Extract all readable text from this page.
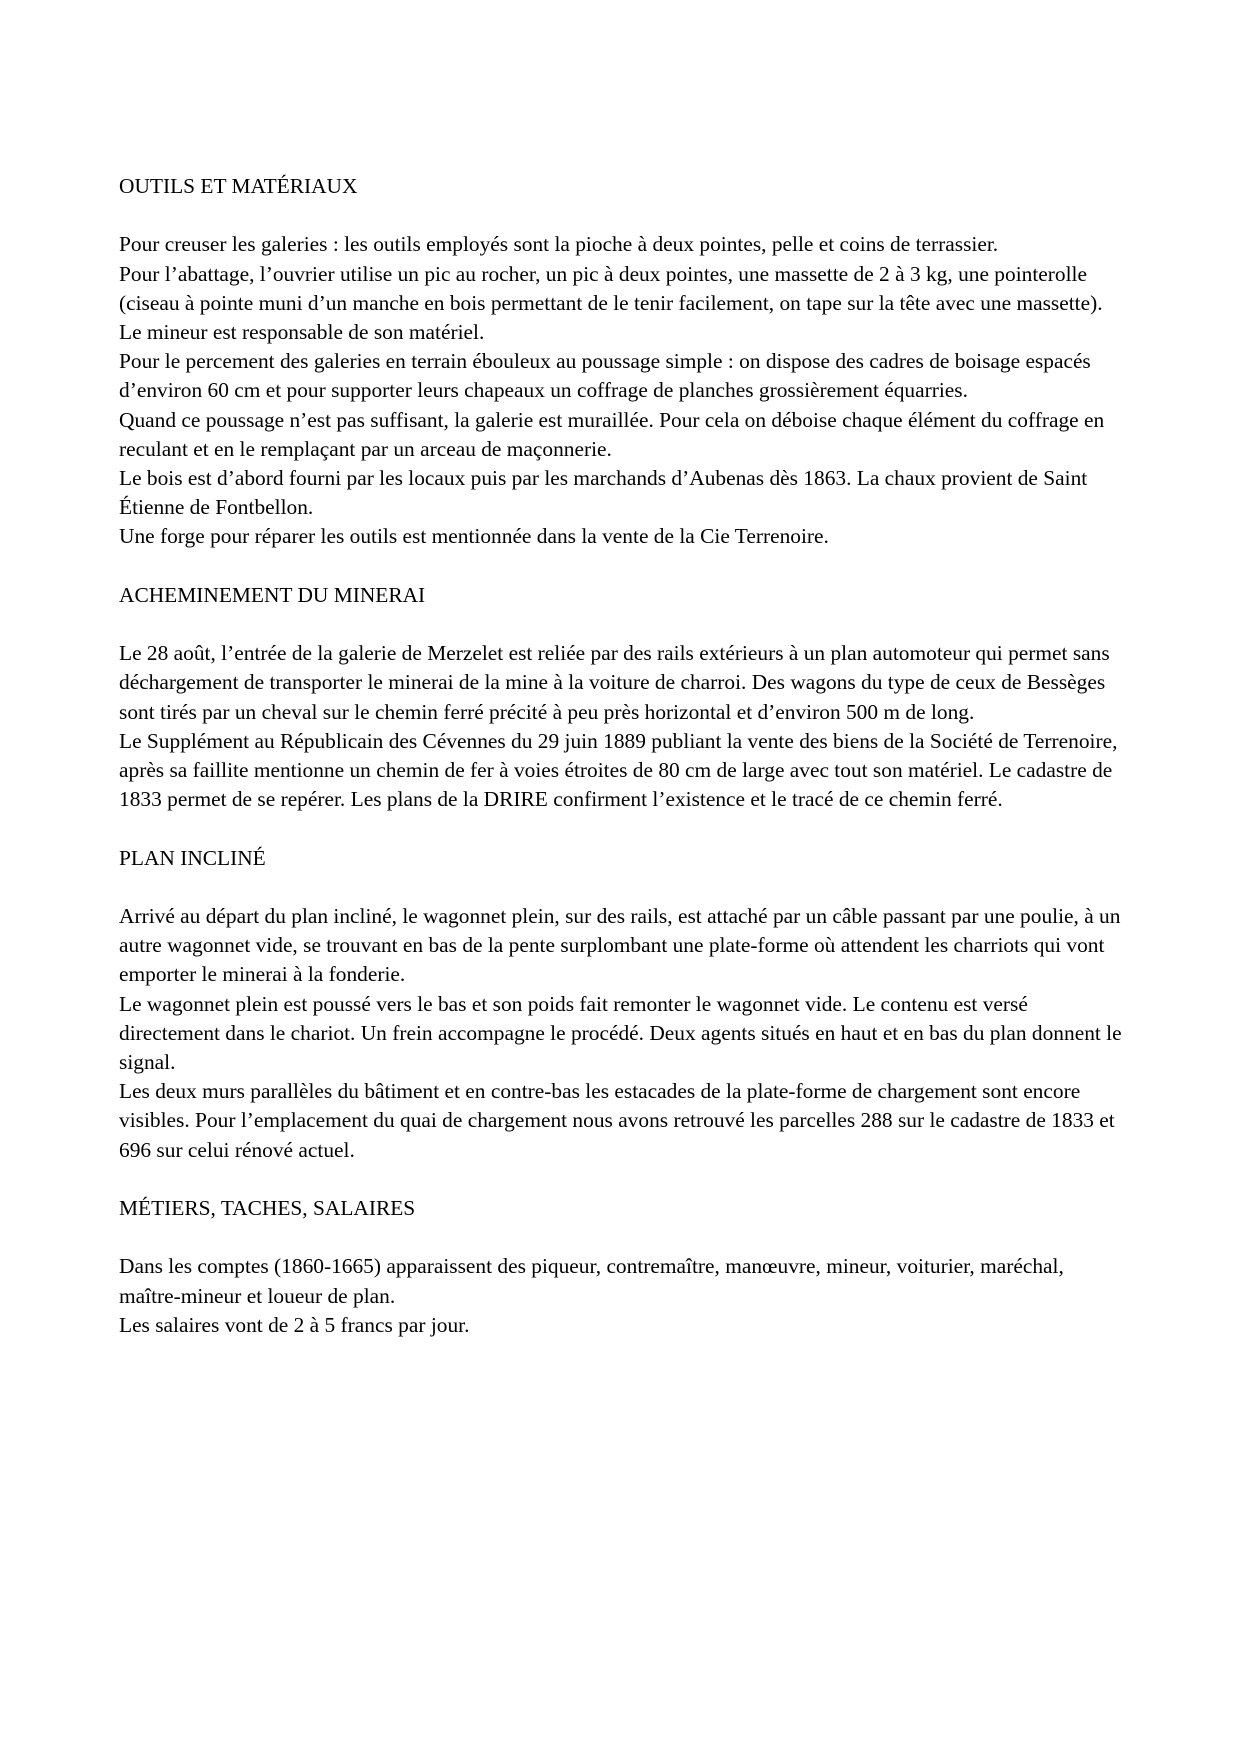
OUTILS ET MATÉRIAUX

Pour creuser les galeries : les outils employés sont la pioche à deux pointes, pelle et coins de terrassier.

Pour l’abattage, l’ouvrier utilise un pic au rocher, un pic à deux pointes, une massette de 2 à 3 kg, une pointerolle (ciseau à pointe muni d’un manche en bois permettant de le tenir facilement, on tape sur la tête avec une massette).

Le mineur est responsable de son matériel.

Pour le percement des galeries en terrain ébouleux au poussage simple : on dispose des cadres de boisage espacés d’environ 60 cm et pour supporter leurs chapeaux un coffrage de planches grossièrement équarries.

Quand ce poussage n’est pas suffisant, la galerie est muraillée. Pour cela on déboise chaque élément du coffrage en reculant et en le remplaçant par un arceau de maçonnerie.

Le bois est d’abord fourni par les locaux puis par les marchands d’Aubenas dès 1863. La chaux provient de Saint Étienne de Fontbellon.

Une forge pour réparer les outils est mentionnée dans la vente de la Cie Terrenoire.

ACHEMINEMENT DU MINERAI

Le 28 août, l’entrée de la galerie de Merzelet est reliée par des rails extérieurs à un plan automoteur qui permet sans déchargement de transporter le minerai de la mine à la voiture de charroi. Des wagons du type de ceux de Bessèges sont tirés par un cheval sur le chemin ferré précité à peu près horizontal et d’environ 500 m de long.

Le Supplément au Républicain des Cévennes du 29 juin 1889 publiant la vente des biens de la Société de Terrenoire, après sa faillite mentionne un chemin de fer à voies étroites de 80 cm de large avec tout son matériel. Le cadastre de 1833 permet de se repérer. Les plans de la DRIRE confirment l’existence et le tracé de ce chemin ferré.

PLAN INCLINÉ

Arrivé au départ du plan incliné, le wagonnet plein, sur des rails, est attaché par un câble passant par une poulie, à un autre wagonnet vide, se trouvant en bas de la pente surplombant une plate-forme où attendent les charriots qui vont emporter le minerai à la fonderie.

Le wagonnet plein est poussé vers le bas et son poids fait remonter le wagonnet vide. Le contenu est versé directement dans le chariot. Un frein accompagne le procédé. Deux agents situés en haut et en bas du plan donnent le signal.

Les deux murs parallèles du bâtiment et en contre-bas les estacades de la plate-forme de chargement sont encore visibles. Pour l’emplacement du quai de chargement nous avons retrouvé les parcelles 288 sur le cadastre de 1833 et 696 sur celui rénové actuel.

MÉTIERS, TACHES, SALAIRES

Dans les comptes (1860-1665) apparaissent des piqueur, contremaître, manœuvre, mineur, voiturier, maréchal, maître-mineur et loueur de plan.

Les salaires vont de 2 à 5 francs par jour.
